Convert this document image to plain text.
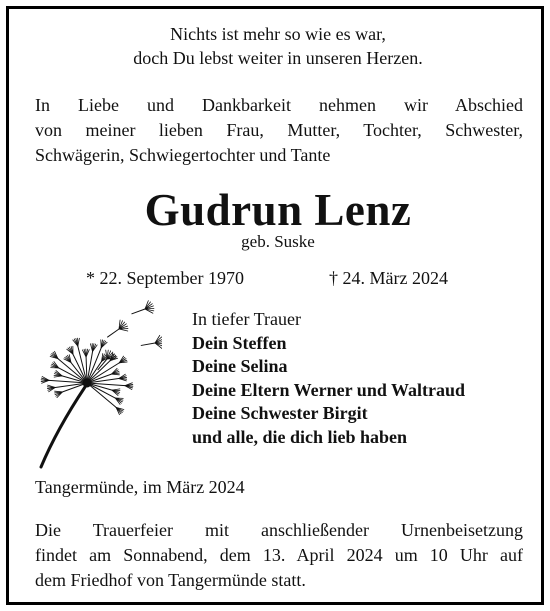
Nichts ist mehr so wie es war,
doch Du lebst weiter in unseren Herzen.
In Liebe und Dankbarkeit nehmen wir Abschied
von meiner lieben Frau, Mutter, Tochter, Schwester,
Schwägerin, Schwiegertochter und Tante
Gudrun Lenz
geb. Suske
* 22. September 1970	† 24. März 2024
In tiefer Trauer
Dein Steffen
Deine Selina
Deine Eltern Werner und Waltraud
Deine Schwester Birgit
und alle, die dich lieb haben
Tangermünde, im März 2024
Die Trauerfeier mit anschließender Urnenbeisetzung
findet am Sonnabend, dem 13. April 2024 um 10 Uhr auf
dem Friedhof von Tangermünde statt.
